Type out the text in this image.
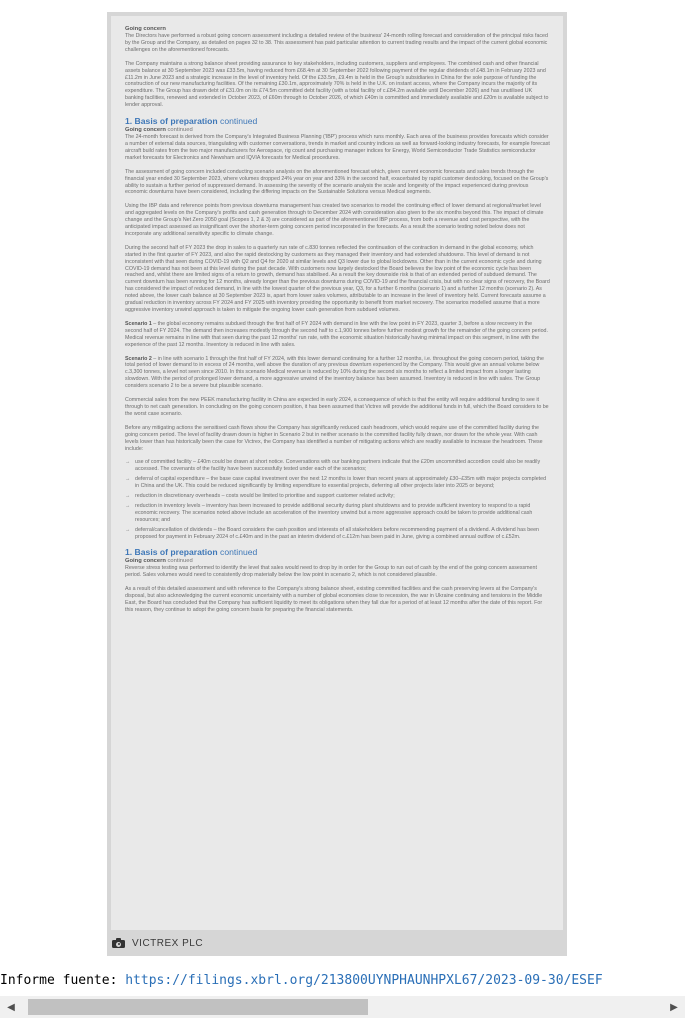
Going concern

The Directors have performed a robust going concern assessment including a detailed review of the business' 24-month rolling forecast and consideration of the principal risks faced by the Group and the Company, as detailed on pages 32 to 38. This assessment has paid particular attention to current trading results and the impact of the current global economic challenges on the aforementioned forecasts.

The Company maintains a strong balance sheet providing assurance to key stakeholders, including customers, suppliers and employees. The combined cash and other financial assets balance at 30 September 2023 was £33.5m, having reduced from £68.4m at 30 September 2022 following payment of the regular dividends of £48.1m in February 2023 and £11.2m in June 2023 and a strategic increase in the level of inventory held. Of the £33.5m, £9.4m is held in the Group's subsidiaries in China for the sole purpose of funding the construction of our new manufacturing facilities. Of the remaining £30.1m, approximately 70% is held in the U.K. on instant access, where the Company incurs the majority of its expenditure. The Group has drawn debt of £31.0m on its £74.5m committed debt facility (with a total facility of c.£84.2m available until December 2026) and has unutilised UK banking facilities, renewed and extended in October 2023, of £60m through to October 2026, of which £40m is committed and immediately available and £20m is available subject to lender approval.

1. Basis of preparation continued
Going concern continued

The 24-month forecast is derived from the Company's Integrated Business Planning ('IBP') process which runs monthly. Each area of the business provides forecasts which consider a number of external data sources, triangulating with customer conversations, trends in market and country indices as well as forward-looking industry forecasts, for example forecast aircraft build rates from the two major manufacturers for Aerospace, rig count and purchasing manager indices for Energy, World Semiconductor Trade Statistics semiconductor market forecasts for Electronics and Newsham and IQVIA forecasts for Medical procedures.

The assessment of going concern included conducting scenario analysis on the aforementioned forecast which, given current economic forecasts and sales trends through the financial year ended 30 September 2023, where volumes dropped 24% year on year and 33% in the second half, exacerbated by rapid customer destocking, focused on the Group's ability to sustain a further period of suppressed demand. In assessing the severity of the scenario analysis the scale and longevity of the impact experienced during previous economic downturns have been considered, including the differing impacts on the Sustainable Solutions versus Medical segments.

Using the IBP data and reference points from previous downturns management has created two scenarios to model the continuing effect of lower demand at regional/market level and aggregated levels on the Company's profits and cash generation through to December 2024 with consideration also given to the six months beyond this. The impact of climate change and the Group's Net Zero 2050 goal (Scopes 1, 2 & 3) are considered as part of the aforementioned IBP process, from both a revenue and cost perspective, with the anticipated impact assessed as insignificant over the shorter-term going concern period incorporated in the forecasts. As a result the scenario testing noted below does not incorporate any additional sensitivity specific to climate change.

During the second half of FY 2023 the drop in sales to a quarterly run rate of c.830 tonnes reflected the continuation of the contraction in demand in the global economy, which started in the first quarter of FY 2023, and also the rapid destocking by customers as they managed their inventory and had extended shutdowns. This level of demand is not inconsistent with that seen during COVID-19 with Q2 and Q4 for 2020 at similar levels and Q3 lower due to global lockdowns. Other than in the current economic cycle and during COVID-19 demand has not been at this level during the past decade. With customers now largely destocked the Board believes the low point of the economic cycle has been reached and, whilst there are limited signs of a return to growth, demand has stabilised. As a result the key downside risk is that of an extended period of subdued demand. The current downturn has been running for 12 months, already longer than the previous downturns during COVID-19 and the financial crisis, but with no clear signs of recovery, the Board has considered the impact of reduced demand, in line with the lowest quarter of the previous year, Q3, for a further 6 months (scenario 1) and a further 12 months (scenario 2). As noted above, the lower cash balance at 30 September 2023 is, apart from lower sales volumes, attributable to an increase in the level of inventory held. Current forecasts assume a gradual reduction in inventory across FY 2024 and FY 2025 with inventory providing the opportunity to benefit from market recovery. The scenarios modelled assume that a more aggressive inventory unwind approach is taken to mitigate the ongoing lower cash generation from subdued volumes.

Scenario 1 – the global economy remains subdued through the first half of FY 2024 with demand in line with the low point in FY 2023, quarter 3, before a slow recovery in the second half of FY 2024. The demand then increases modestly through the second half to c.1,900 tonnes before further modest growth for the remainder of the going concern period. Medical revenue remains in line with that seen during the past 12 months' run rate, with the economic situation historically having minimal impact on this segment, in line with the experience of the past 12 months. Inventory is reduced in line with sales.

Scenario 2 – in line with scenario 1 through the first half of FY 2024, with this lower demand continuing for a further 12 months, i.e. throughout the going concern period, taking the total period of lower demand to in excess of 24 months, well above the duration of any previous downturn experienced by the Company. This would give an annual volume below c.3,300 tonnes, a level not seen since 2010. In this scenario Medical revenue is reduced by 10% during the second six months to reflect a limited impact from a longer lasting slowdown. With the period of prolonged lower demand, a more aggressive unwind of the inventory balance has been assumed. Inventory is reduced in line with sales. The Group considers scenario 2 to be a severe but plausible scenario.

Commercial sales from the new PEEK manufacturing facility in China are expected in early 2024, a consequence of which is that the entity will require additional funding to see it through to net cash generation. In concluding on the going concern position, it has been assumed that Victrex will provide the additional funds in full, which the Board considers to be the worst case scenario.

Before any mitigating actions the sensitised cash flows show the Company has significantly reduced cash headroom, which would require use of the committed facility during the going concern period. The level of facility drawn down is higher in Scenario 2 but in neither scenario is the committed facility fully drawn, nor drawn for the whole year. With cash levels lower than has historically been the case for Victrex, the Company has identified a number of mitigating actions which are readily available to increase the headroom. These include:

→ use of committed facility – £40m could be drawn at short notice. Conversations with our banking partners indicate that the £20m uncommitted accordion could also be readily accessed. The covenants of the facility have been successfully tested under each of the scenarios;
→ deferral of capital expenditure – the base case capital investment over the next 12 months is lower than recent years at approximately £30–£35m with major projects completed in China and the UK. This could be reduced significantly by limiting expenditure to essential projects, deferring all other projects later into 2025 or beyond;
→ reduction in discretionary overheads – costs would be limited to prioritise and support customer related activity;
→ reduction in inventory levels – inventory has been increased to provide additional security during plant shutdowns and to provide sufficient inventory to respond to a rapid economic recovery. The scenarios noted above include an acceleration of the inventory unwind but a more aggressive approach could be taken to provide additional cash resources; and
→ deferral/cancellation of dividends – the Board considers the cash position and interests of all stakeholders before recommending payment of a dividend. A dividend has been proposed for payment in February 2024 of c.£40m and in the past an interim dividend of c.£12m has been paid in June, giving a combined annual outflow of c.£52m.
1. Basis of preparation continued
Going concern continued

Reverse stress testing was performed to identify the level that sales would need to drop by in order for the Group to run out of cash by the end of the going concern assessment period. Sales volumes would need to consistently drop materially below the low point in scenario 2, which is not considered plausible.

As a result of this detailed assessment and with reference to the Company's strong balance sheet, existing committed facilities and the cash preserving levers at the Company's disposal, but also acknowledging the current economic uncertainty with a number of global economies close to recession, the war in Ukraine continuing and tensions in the Middle East, the Board has concluded that the Company has sufficient liquidity to meet its obligations when they fall due for a period of at least 12 months after the date of this report. For this reason, they continue to adopt the going concern basis for preparing the financial statements.

VICTREX PLC
Informe fuente: https://filings.xbrl.org/213800UYNPHAUNHPXL67/2023-09-30/ESEF
◀	▶
